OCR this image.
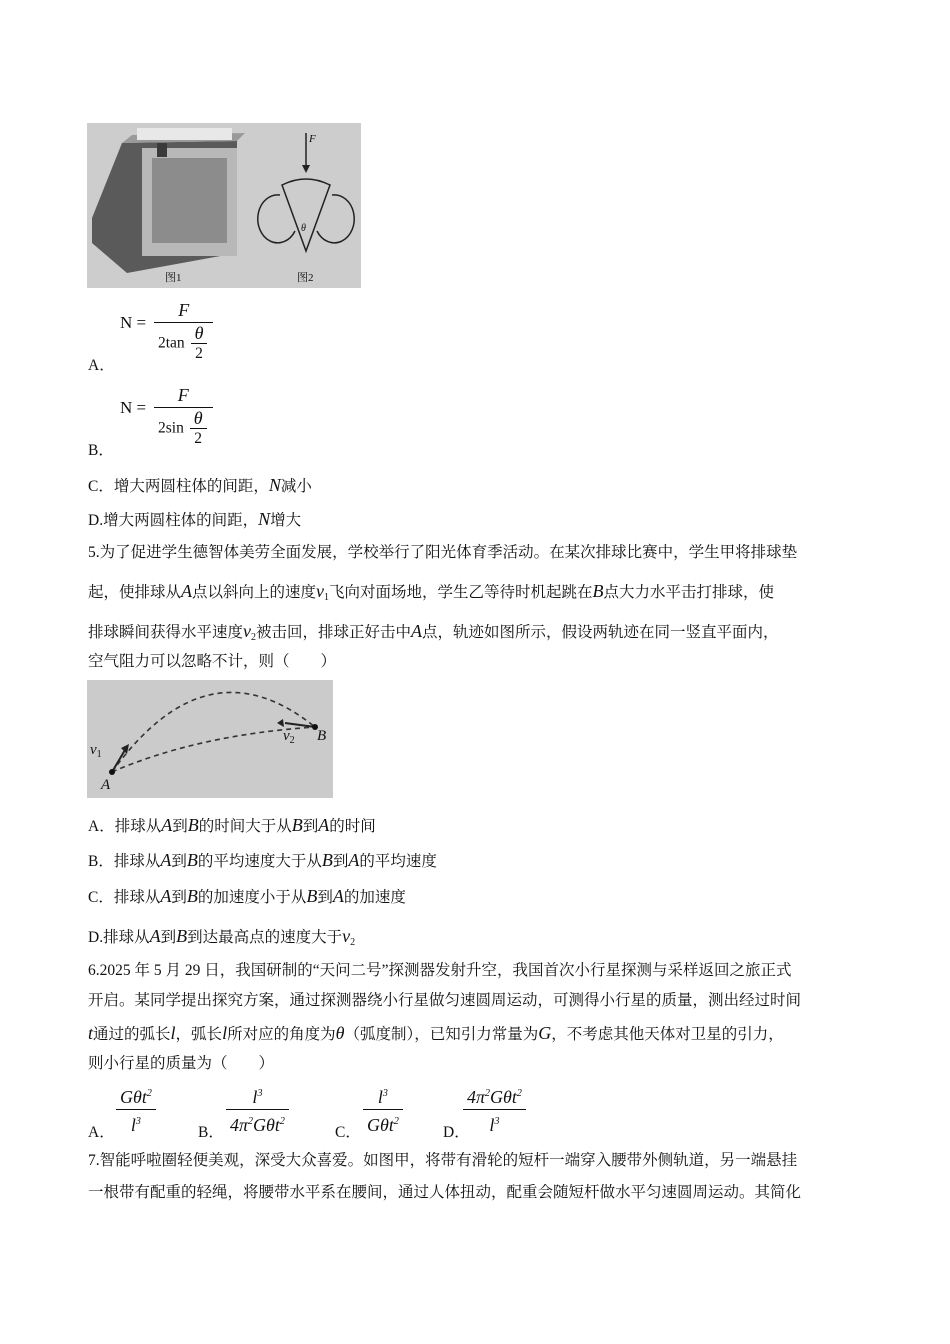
F
θ
图1	图2
A．
$N = \frac{F}{2\tan \frac{\theta}{2}}$
B．
$N = \frac{F}{2\sin \frac{\theta}{2}}$
C．增大两圆柱体的间距，N减小
D.增大两圆柱体的间距，N增大
5.为了促进学生德智体美劳全面发展，学校举行了阳光体育季活动。在某次排球比赛中，学生甲将排球垫
起，使排球从A点以斜向上的速度$v_1$飞向对面场地，学生乙等待时机起跳在B点大力水平击打排球，使
排球瞬间获得水平速度$v_2$被击回，排球正好击中A点，轨迹如图所示，假设两轨迹在同一竖直平面内，
空气阻力可以忽略不计，则（　　）
$v_1$
$v_2$
A
B
A．排球从A到B的时间大于从B到A的时间
B．排球从A到B的平均速度大于从B到A的平均速度
C．排球从A到B的加速度小于从B到A的加速度
D.排球从A到B到达最高点的速度大于$v_2$
6.2025 年 5 月 29 日，我国研制的“天问二号”探测器发射升空，我国首次小行星探测与采样返回之旅正式
开启。某同学提出探究方案，通过探测器绕小行星做匀速圆周运动，可测得小行星的质量，测出经过时间
t通过的弧长l，弧长l所对应的角度为θ（弧度制），已知引力常量为G，不考虑其他天体对卫星的引力，
则小行星的质量为（　　）
A．
Gθt$^2$
$l^3$
B．
$l^3$
$4\pi^2G\theta t^2$
C．
$l^3$
Gθt$^2$
D．
$4\pi^2G\theta t^2$
$l^3$
7.智能呼啦圈轻便美观，深受大众喜爱。如图甲，将带有滑轮的短杆一端穿入腰带外侧轨道，另一端悬挂
一根带有配重的轻绳，将腰带水平系在腰间，通过人体扭动，配重会随短杆做水平匀速圆周运动。其简化
